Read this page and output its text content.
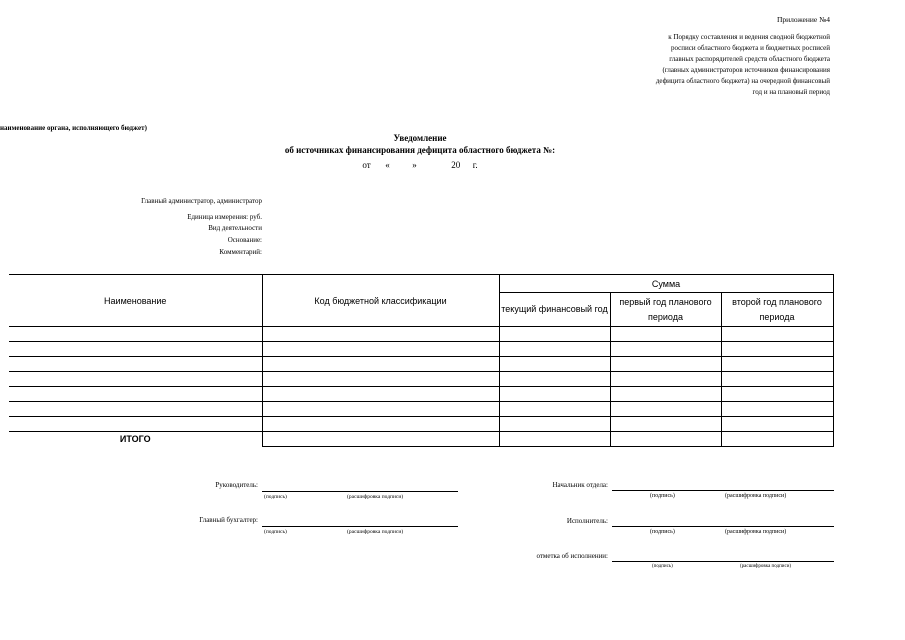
Приложение №4
к Порядку составления и ведения сводной бюджетной
росписи областного бюджета и бюджетных росписей
главных распорядителей средств областного бюджета
(главных администраторов источников финансирования
дефицита областного бюджета) на очередной финансовый
год и на плановый период
наименование органа, исполняющего бюджет)
Уведомление
об источниках финансирования дефицита областного бюджета №:
от «	»	20 г.
Главный администратор, администратор
Единица измерения: руб.
Вид деятельности
Основание:
Комментарий:
Наименование	Код бюджетной классификации	Сумма		
		текущий финансовый год	первый год планового периода	второй год планового периода

ИТОГО				
Руководитель:
(подпись)	(расшифровка подписи)
Главный бухгалтер:
(подпись)	(расшифровка подписи)
Начальник отдела:
(подпись)	(расшифровка подписи)
Исполнитель:
(подпись)	(расшифровка подписи)
отметка об исполнении:
(подпись)	(расшифровка подписи)
